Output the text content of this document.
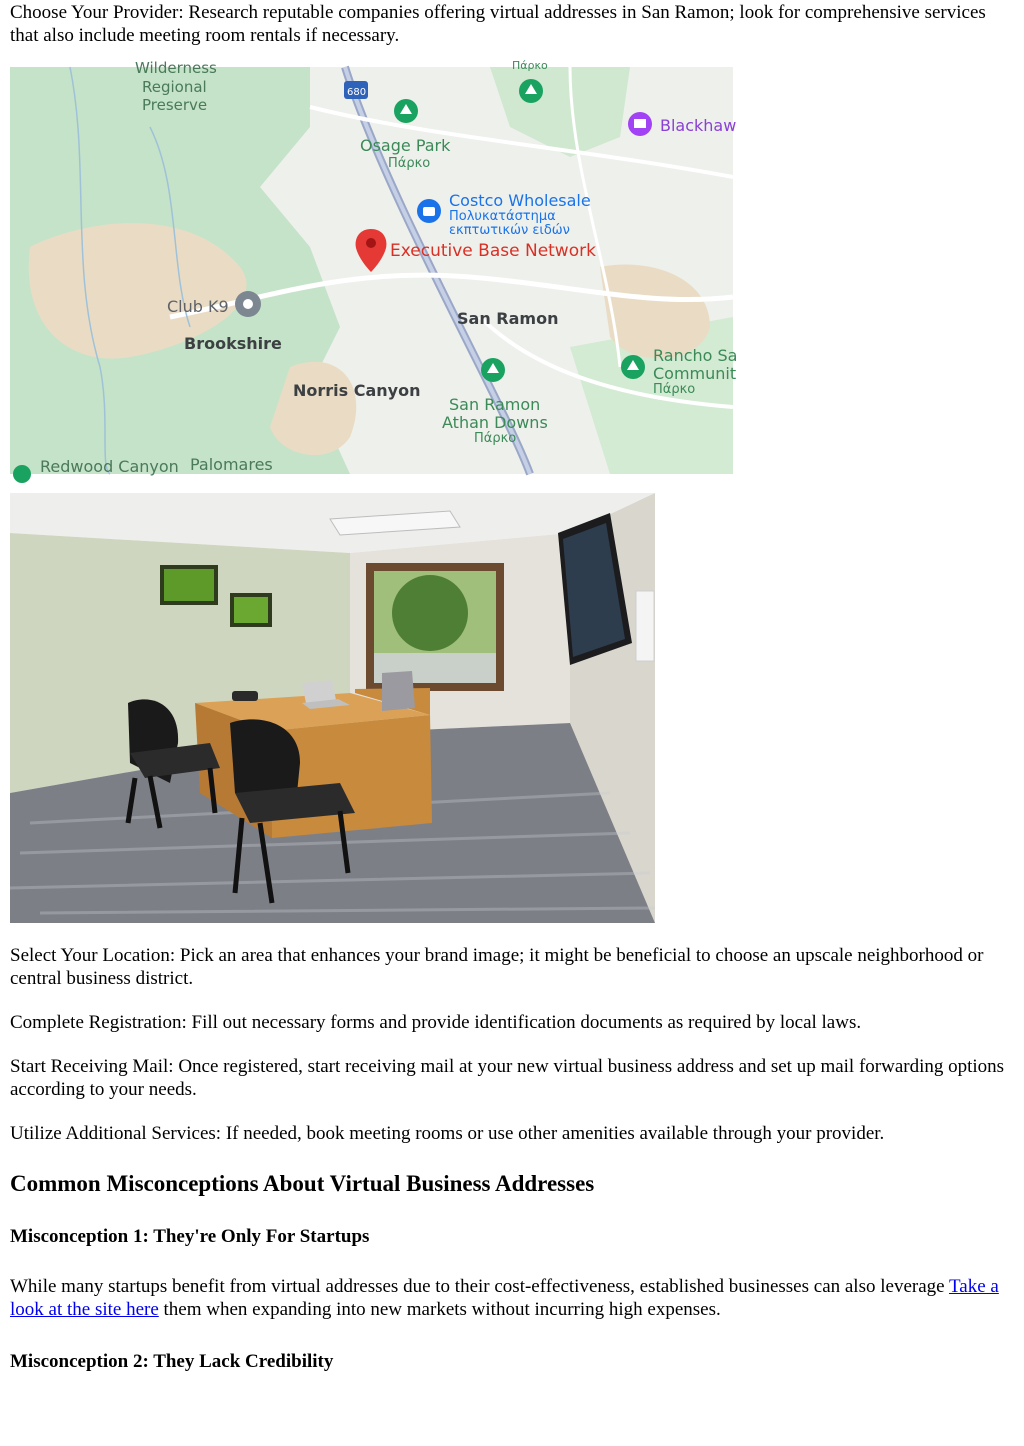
Choose Your Provider: Research reputable companies offering virtual addresses in San Ramon; look for comprehensive services that also include meeting room rentals if necessary.

Wilderness
Regional
Preserve
680
Osage Park
Πάρκο
Πάρκο
Blackhaw
Costco Wholesale
Πολυκατάστημα
εκπτωτικών ειδών
Executive Base Network
Club K9
San Ramon
Brookshire
Norris Canyon
San Ramon
Athan Downs
Πάρκο
Rancho Sa
Communit
Πάρκο
Redwood Canyon Palomares

Select Your Location: Pick an area that enhances your brand image; it might be beneficial to choose an upscale neighborhood or central business district.

Complete Registration: Fill out necessary forms and provide identification documents as required by local laws.

Start Receiving Mail: Once registered, start receiving mail at your new virtual business address and set up mail forwarding options according to your needs.

Utilize Additional Services: If needed, book meeting rooms or use other amenities available through your provider.

Common Misconceptions About Virtual Business Addresses
Misconception 1: They're Only For Startups

While many startups benefit from virtual addresses due to their cost-effectiveness, established businesses can also leverage Take a look at the site here them when expanding into new markets without incurring high expenses.

Misconception 2: They Lack Credibility
